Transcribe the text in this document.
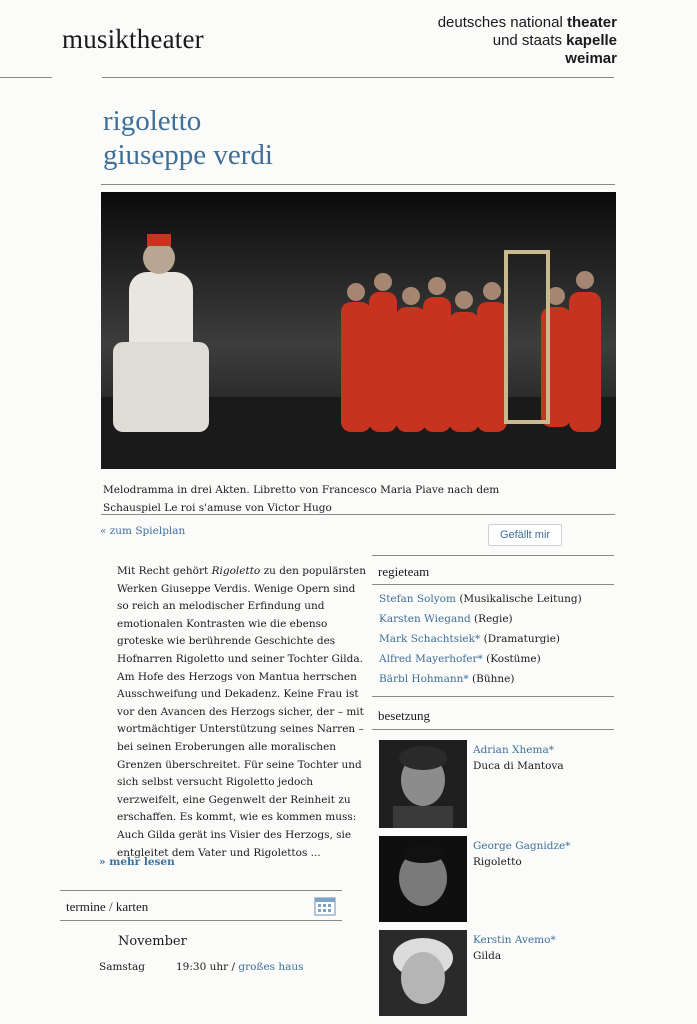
musiktheater
deutsches national theater
und staats kapelle
weimar
rigoletto
giuseppe verdi
Melodramma in drei Akten. Libretto von Francesco Maria Piave nach dem
Schauspiel Le roi s'amuse von Victor Hugo
« zum Spielplan	Gefällt mir

Mit Recht gehört Rigoletto zu den populärsten Werken Giuseppe Verdis. Wenige Opern sind so reich an melodischer Erfindung und emotionalen Kontrasten wie die ebenso groteske wie berührende Geschichte des Hofnarren Rigoletto und seiner Tochter Gilda.

Am Hofe des Herzogs von Mantua herrschen Ausschweifung und Dekadenz. Keine Frau ist vor den Avancen des Herzogs sicher, der – mit wortmächtiger Unterstützung seines Narren – bei seinen Eroberungen alle moralischen Grenzen überschreitet. Für seine Tochter und sich selbst versucht Rigoletto jedoch verzweifelt, eine Gegenwelt der Reinheit zu erschaffen. Es kommt, wie es kommen muss: Auch Gilda gerät ins Visier des Herzogs, sie entgleitet dem Vater und Rigolettos ...

» mehr lesen
termine / karten
November
Samstag	19:30 uhr / großes haus
regieteam
Stefan Solyom (Musikalische Leitung)
Karsten Wiegand (Regie)
Mark Schachtsiek* (Dramaturgie)
Alfred Mayerhofer* (Kostüme)
Bärbl Hohmann* (Bühne)
besetzung
Adrian Xhema*
Duca di Mantova
George Gagnidze*
Rigoletto
Kerstin Avemo*
Gilda
